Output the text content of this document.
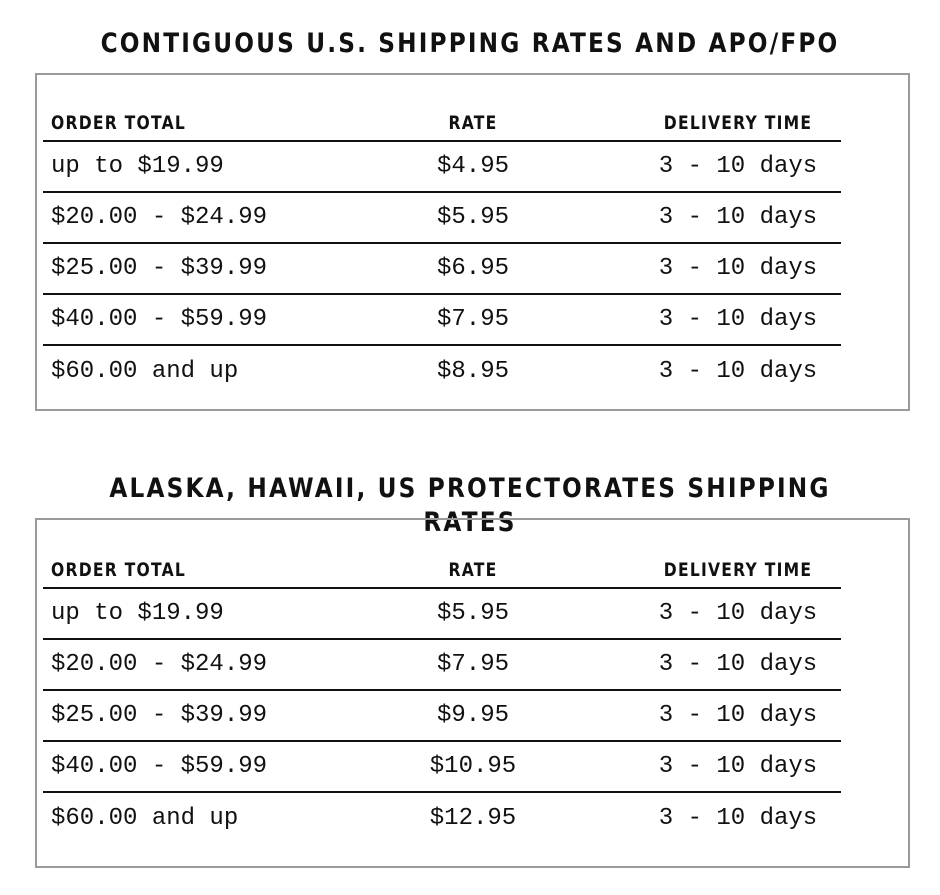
CONTIGUOUS U.S. SHIPPING RATES AND APO/FPO
ORDER TOTAL	RATE	DELIVERY TIME
up to $19.99	$4.95	3 - 10 days
$20.00 - $24.99	$5.95	3 - 10 days
$25.00 - $39.99	$6.95	3 - 10 days
$40.00 - $59.99	$7.95	3 - 10 days
$60.00 and up	$8.95	3 - 10 days
ALASKA, HAWAII, US PROTECTORATES SHIPPING RATES
ORDER TOTAL	RATE	DELIVERY TIME
up to $19.99	$5.95	3 - 10 days
$20.00 - $24.99	$7.95	3 - 10 days
$25.00 - $39.99	$9.95	3 - 10 days
$40.00 - $59.99	$10.95	3 - 10 days
$60.00 and up	$12.95	3 - 10 days
